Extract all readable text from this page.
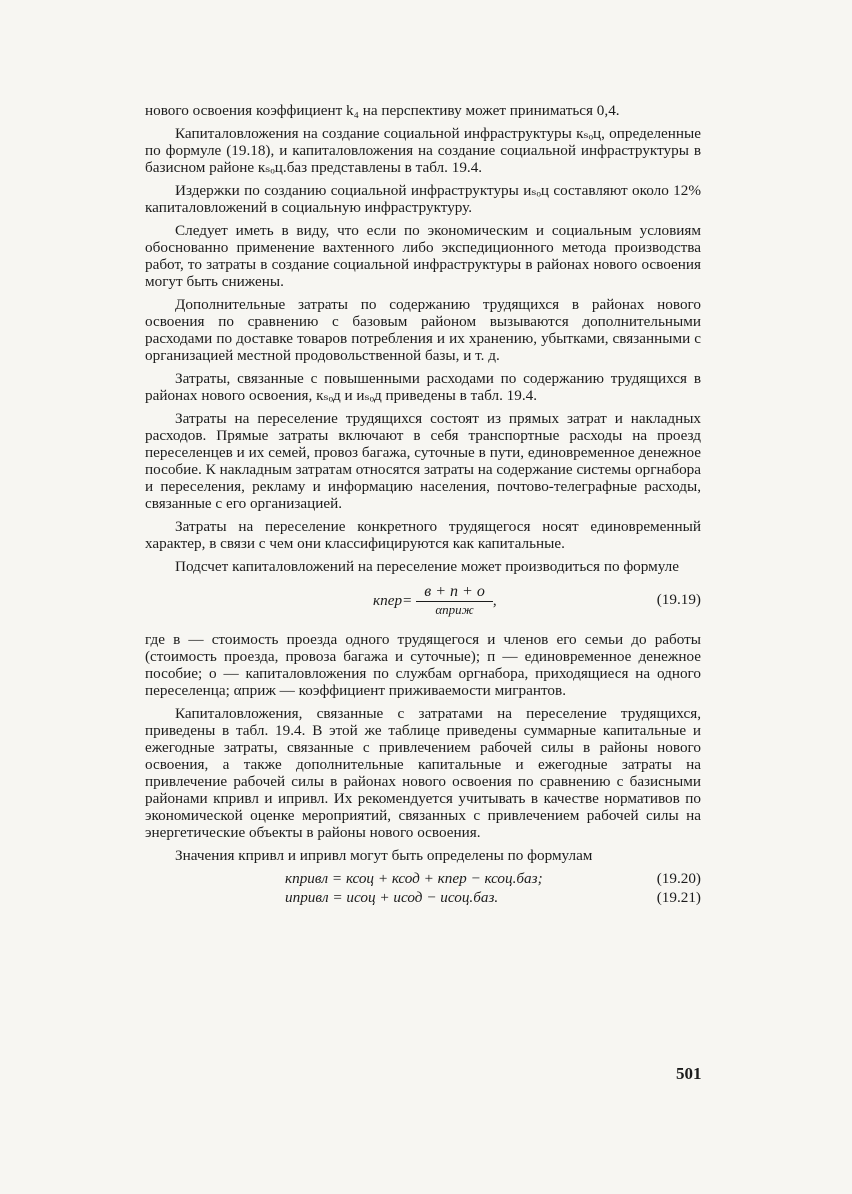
нового освоения коэффициент k₄ на перспективу может приниматься 0,4.

Капиталовложения на создание социальной инфраструктуры кₛₒц, определенные по формуле (19.18), и капиталовложения на создание социальной инфраструктуры в базисном районе кₛₒц.баз представлены в табл. 19.4.

Издержки по созданию социальной инфраструктуры иₛₒц составляют около 12% капиталовложений в социальную инфраструктуру.

Следует иметь в виду, что если по экономическим и социальным условиям обоснованно применение вахтенного либо экспедиционного метода производства работ, то затраты в создание социальной инфраструктуры в районах нового освоения могут быть снижены.

Дополнительные затраты по содержанию трудящихся в районах нового освоения по сравнению с базовым районом вызываются дополнительными расходами по доставке товаров потребления и их хранению, убытками, связанными с организацией местной продовольственной базы, и т. д.

Затраты, связанные с повышенными расходами по содержанию трудящихся в районах нового освоения, кₛₒд и иₛₒд приведены в табл. 19.4.

Затраты на переселение трудящихся состоят из прямых затрат и накладных расходов. Прямые затраты включают в себя транспортные расходы на проезд переселенцев и их семей, провоз багажа, суточные в пути, единовременное денежное пособие. К накладным затратам относятся затраты на содержание системы оргнабора и переселения, рекламу и информацию населения, почтово-телеграфные расходы, связанные с его организацией.

Затраты на переселение конкретного трудящегося носят единовременный характер, в связи с чем они классифицируются как капитальные.

Подсчет капиталовложений на переселение может производиться по формуле

кпер= $\frac{в + п + о}{\text{αприж}}$ ,	(19.19)

где в — стоимость проезда одного трудящегося и членов его семьи до работы (стоимость проезда, провоза багажа и суточные); п — единовременное денежное пособие; о — капиталовложения по службам оргнабора, приходящиеся на одного переселенца; αприж — коэффициент приживаемости мигрантов.

Капиталовложения, связанные с затратами на переселение трудящихся, приведены в табл. 19.4. В этой же таблице приведены суммарные капитальные и ежегодные затраты, связанные с привлечением рабочей силы в районы нового освоения, а также дополнительные капитальные и ежегодные затраты на привлечение рабочей силы в районах нового освоения по сравнению с базисными районами кпривл и ипривл. Их рекомендуется учитывать в качестве нормативов по экономической оценке мероприятий, связанных с привлечением рабочей силы на энергетические объекты в районы нового освоения.

Значения кпривл и ипривл могут быть определены по формулам

кпривл = ксоц + ксод + кпер − ксоц.баз;	(19.20)
ипривл = исоц + исод − исоц.баз.	(19.21)
501
